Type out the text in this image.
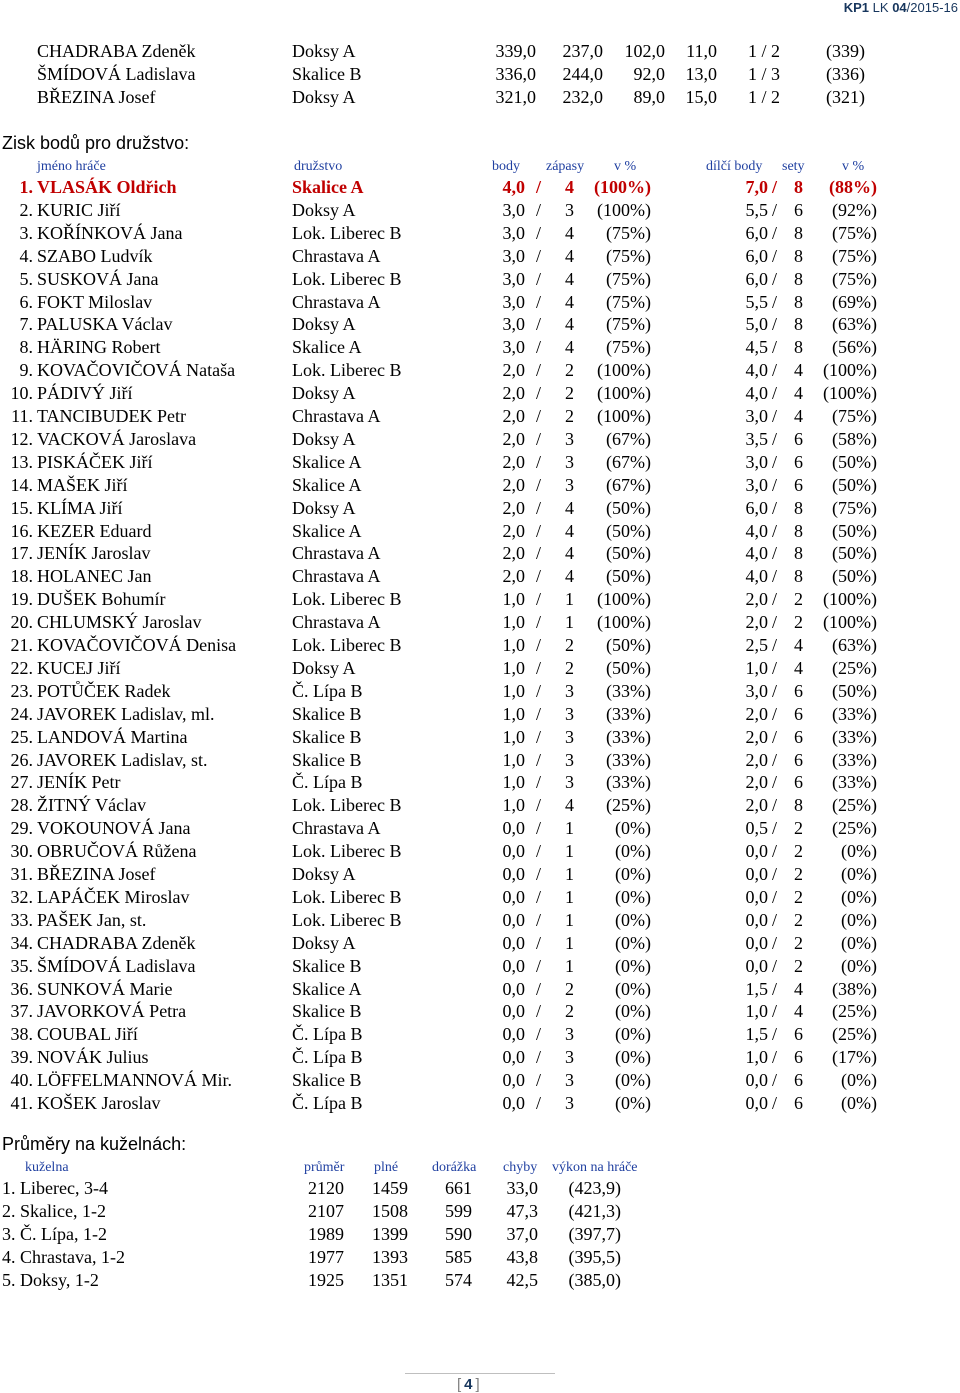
KP1 LK 04/2015-16
CHADRABA Zdeněk	Doksy A	339,0 237,0 102,0 11,0 1 / 2	(339)
ŠMÍDOVÁ Ladislava	Skalice B	336,0 244,0 92,0 13,0 1 / 3	(336)
BŘEZINA Josef	Doksy A	321,0 232,0 89,0 15,0 1 / 2	(321)
Zisk bodů pro družstvo:
jméno hráče	družstvo	body zápasy v %	dílčí body sety	v %
1. VLASÁK Oldřich	Skalice A	4,0 / 4 (100%)	7,0 / 8 (88%)
2. KURIC Jiří	Doksy A	3,0 / 3 (100%)	5,5 / 6 (92%)
3. KOŘÍNKOVÁ Jana	Lok. Liberec B	3,0 / 4 (75%)	6,0 / 8 (75%)
4. SZABO Ludvík	Chrastava A	3,0 / 4 (75%)	6,0 / 8 (75%)
5. SUSKOVÁ Jana	Lok. Liberec B	3,0 / 4 (75%)	6,0 / 8 (75%)
6. FOKT Miloslav	Chrastava A	3,0 / 4 (75%)	5,5 / 8 (69%)
7. PALUSKA Václav	Doksy A	3,0 / 4 (75%)	5,0 / 8 (63%)
8. HÄRING Robert	Skalice A	3,0 / 4 (75%)	4,5 / 8 (56%)
9. KOVAČOVIČOVÁ Nataša	Lok. Liberec B	2,0 / 2 (100%)	4,0 / 4 (100%)
10. PÁDIVÝ Jiří	Doksy A	2,0 / 2 (100%)	4,0 / 4 (100%)
11. TANCIBUDEK Petr	Chrastava A	2,0 / 2 (100%)	3,0 / 4 (75%)
12. VACKOVÁ Jaroslava	Doksy A	2,0 / 3 (67%)	3,5 / 6 (58%)
13. PISKÁČEK Jiří	Skalice A	2,0 / 3 (67%)	3,0 / 6 (50%)
14. MAŠEK Jiří	Skalice A	2,0 / 3 (67%)	3,0 / 6 (50%)
15. KLÍMA Jiří	Doksy A	2,0 / 4 (50%)	6,0 / 8 (75%)
16. KEZER Eduard	Skalice A	2,0 / 4 (50%)	4,0 / 8 (50%)
17. JENÍK Jaroslav	Chrastava A	2,0 / 4 (50%)	4,0 / 8 (50%)
18. HOLANEC Jan	Chrastava A	2,0 / 4 (50%)	4,0 / 8 (50%)
19. DUŠEK Bohumír	Lok. Liberec B	1,0 / 1 (100%)	2,0 / 2 (100%)
20. CHLUMSKÝ Jaroslav	Chrastava A	1,0 / 1 (100%)	2,0 / 2 (100%)
21. KOVAČOVIČOVÁ Denisa	Lok. Liberec B	1,0 / 2 (50%)	2,5 / 4 (63%)
22. KUCEJ Jiří	Doksy A	1,0 / 2 (50%)	1,0 / 4 (25%)
23. POTŮČEK Radek	Č. Lípa B	1,0 / 3 (33%)	3,0 / 6 (50%)
24. JAVOREK Ladislav, ml.	Skalice B	1,0 / 3 (33%)	2,0 / 6 (33%)
25. LANDOVÁ Martina	Skalice B	1,0 / 3 (33%)	2,0 / 6 (33%)
26. JAVOREK Ladislav, st.	Skalice B	1,0 / 3 (33%)	2,0 / 6 (33%)
27. JENÍK Petr	Č. Lípa B	1,0 / 3 (33%)	2,0 / 6 (33%)
28. ŽITNÝ Václav	Lok. Liberec B	1,0 / 4 (25%)	2,0 / 8 (25%)
29. VOKOUNOVÁ Jana	Chrastava A	0,0 / 1 (0%)	0,5 / 2 (25%)
30. OBRUČOVÁ Růžena	Lok. Liberec B	0,0 / 1 (0%)	0,0 / 2 (0%)
31. BŘEZINA Josef	Doksy A	0,0 / 1 (0%)	0,0 / 2 (0%)
32. LAPÁČEK Miroslav	Lok. Liberec B	0,0 / 1 (0%)	0,0 / 2 (0%)
33. PAŠEK Jan, st.	Lok. Liberec B	0,0 / 1 (0%)	0,0 / 2 (0%)
34. CHADRABA Zdeněk	Doksy A	0,0 / 1 (0%)	0,0 / 2 (0%)
35. ŠMÍDOVÁ Ladislava	Skalice B	0,0 / 1 (0%)	0,0 / 2 (0%)
36. SUNKOVÁ Marie	Skalice A	0,0 / 2 (0%)	1,5 / 4 (38%)
37. JAVORKOVÁ Petra	Skalice B	0,0 / 2 (0%)	1,0 / 4 (25%)
38. COUBAL Jiří	Č. Lípa B	0,0 / 3 (0%)	1,5 / 6 (25%)
39. NOVÁK Julius	Č. Lípa B	0,0 / 3 (0%)	1,0 / 6 (17%)
40. LÖFFELMANNOVÁ Mir.	Skalice B	0,0 / 3 (0%)	0,0 / 6 (0%)
41. KOŠEK Jaroslav	Č. Lípa B	0,0 / 3 (0%)	0,0 / 6 (0%)
Průměry na kuželnách:
kuželna	průměr plné dorážka chyby výkon na hráče
1. Liberec, 3-4	2120 1459 661 33,0 (423,9)
2. Skalice, 1-2	2107 1508 599 47,3 (421,3)
3. Č. Lípa, 1-2	1989 1399 590 37,0 (397,7)
4. Chrastava, 1-2	1977 1393 585 43,8 (395,5)
5. Doksy, 1-2	1925 1351 574 42,5 (385,0)
[ 4 ]
